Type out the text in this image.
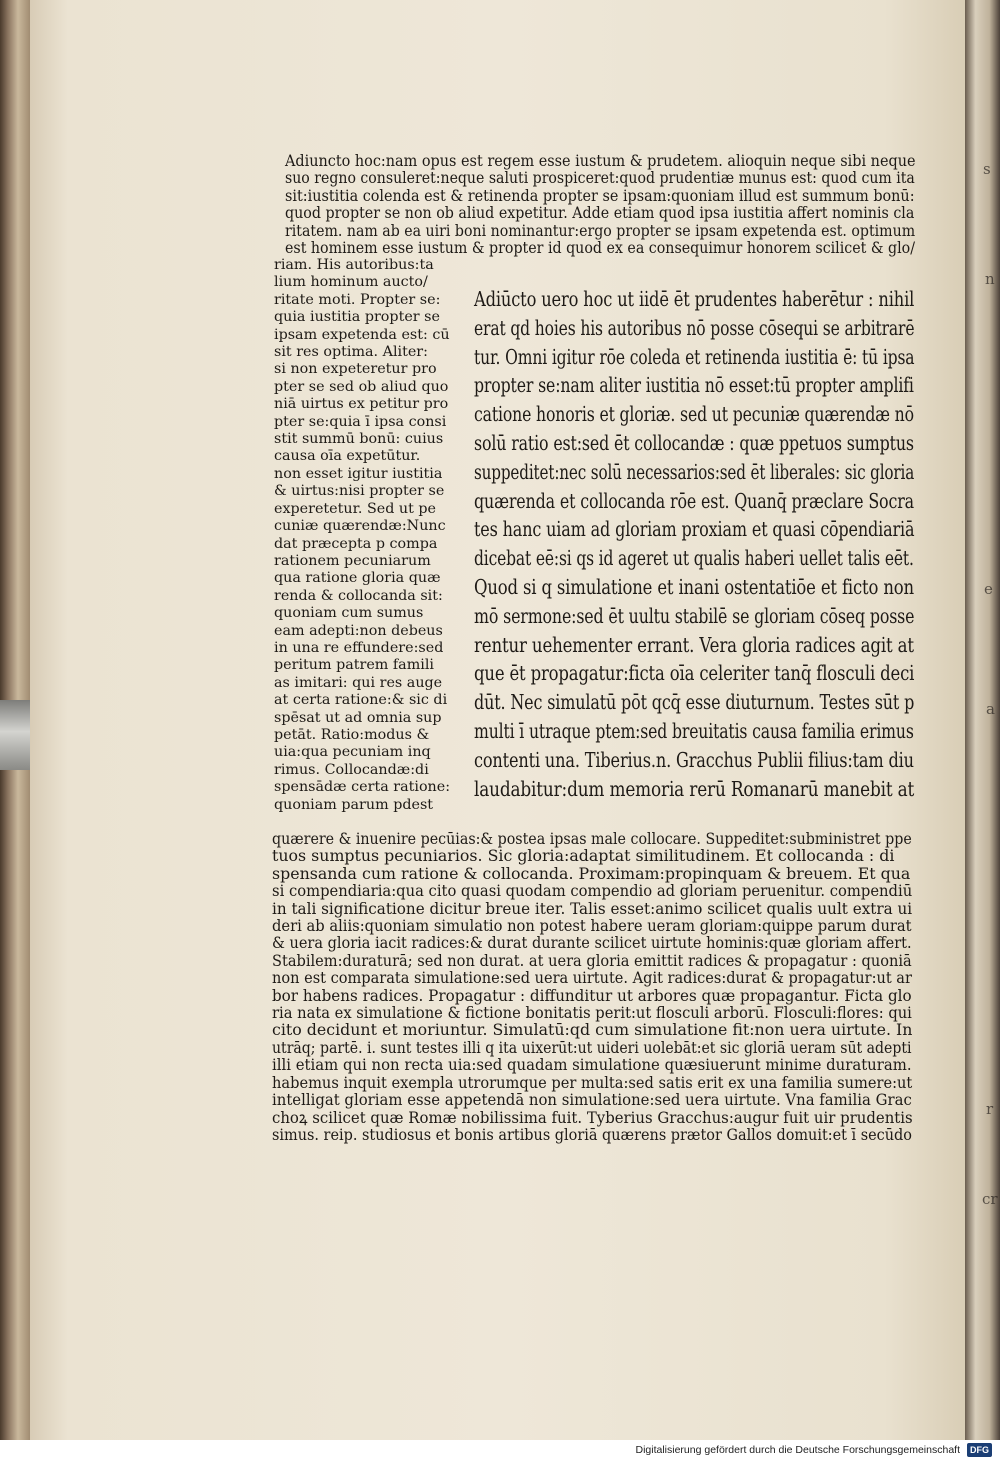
s
n
e
a
r
cr
Adiuncto hoc:nam opus est regem esse iustum & prudetem. alioquin neque sibi neque
suo regno consuleret:neque saluti prospiceret:quod prudentiæ munus est: quod cum ita
sit:iustitia colenda est & retinenda propter se ipsam:quoniam illud est summum bonū:
quod propter se non ob aliud expetitur. Adde etiam quod ipsa iustitia affert nominis cla
ritatem. nam ab ea uiri boni nominantur:ergo propter se ipsam expetenda est. optimum
est hominem esse iustum & propter id quod ex ea consequimur honorem scilicet & glo/
riam. His autoribus:ta
lium hominum aucto/
ritate moti. Propter se:
quia iustitia propter se
ipsam expetenda est: cū
sit res optima. Aliter:
si non expeteretur pro
pter se sed ob aliud quo
niā uirtus ex petitur pro
pter se:quia ī ipsa consi
stit summū bonū: cuius
causa oīa expetūtur.
non esset igitur iustitia
& uirtus:nisi propter se
experetetur. Sed ut pe
cuniæ quærendæ:Nunc
dat præcepta p compa
rationem pecuniarum
qua ratione gloria quæ
renda & collocanda sit:
quoniam cum sumus
eam adepti:non debeus
in una re effundere:sed
peritum patrem famili
as imitari: qui res auge
at certa ratione:& sic di
spēsat ut ad omnia sup
petāt. Ratio:modus &
uia:qua pecuniam inq
rimus. Collocandæ:di
spensādæ certa ratione:
quoniam parum pdest
Adiūcto uero hoc ut iidē ēt prudentes haberētur : nihil
erat qd hoies his autoribus nō posse cōsequi se arbitrarē
tur. Omni igitur rōe coleda et retinenda iustitia ē: tū ipsa
propter se:nam aliter iustitia nō esset:tū propter amplifi
catione honoris et gloriæ. sed ut pecuniæ quærendæ nō
solū ratio est:sed ēt collocandæ : quæ ppetuos sumptus
suppeditet:nec solū necessarios:sed ēt liberales: sic gloria
quærenda et collocanda rōe est. Quanq̄ præclare Socra
tes hanc uiam ad gloriam proxiam et quasi cōpendiariā
dicebat eē:si qs id ageret ut qualis haberi uellet talis eēt.
Quod si q simulatione et inani ostentatiōe et ficto non
mō sermone:sed ēt uultu stabilē se gloriam cōseq posse
rentur uehementer errant. Vera gloria radices agit at
que ēt propagatur:ficta oīa celeriter tanq̄ flosculi deci
dūt. Nec simulatū pōt qcq̄ esse diuturnum. Testes sūt p
multi ī utraque ptem:sed breuitatis causa familia erimus
contenti una. Tiberius.n. Gracchus Publii filius:tam diu
laudabitur:dum memoria rerū Romanarū manebit at
quærere & inuenire pecūias:& postea ipsas male collocare. Suppeditet:subministret ppe
tuos sumptus pecuniarios. Sic gloria:adaptat similitudinem. Et collocanda : di
spensanda cum ratione & collocanda. Proximam:propinquam & breuem. Et qua
si compendiaria:qua cito quasi quodam compendio ad gloriam peruenitur. compendiū
in tali significatione dicitur breue iter. Talis esset:animo scilicet qualis uult extra ui
deri ab aliis:quoniam simulatio non potest habere ueram gloriam:quippe parum durat
& uera gloria iacit radices:& durat durante scilicet uirtute hominis:quæ gloriam affert.
Stabilem:duraturā; sed non durat. at uera gloria emittit radices & propagatur : quoniā
non est comparata simulatione:sed uera uirtute. Agit radices:durat & propagatur:ut ar
bor habens radices. Propagatur : diffunditur ut arbores quæ propagantur. Ficta glo
ria nata ex simulatione & fictione bonitatis perit:ut flosculi arborū. Flosculi:flores: qui
cito decidunt et moriuntur. Simulatū:qd cum simulatione fit:non uera uirtute. In
utrāq; partē. i. sunt testes illi q ita uixerūt:ut uideri uolebāt:et sic gloriā ueram sūt adepti
illi etiam qui non recta uia:sed quadam simulatione quæsiuerunt minime duraturam.
habemus inquit exempla utrorumque per multa:sed satis erit ex una familia sumere:ut
intelligat gloriam esse appetendā non simulatione:sed uera uirtute. Vna familia Grac
choꝝ scilicet quæ Romæ nobilissima fuit. Tyberius Gracchus:augur fuit uir prudentis
simus. reip. studiosus et bonis artibus gloriā quærens prætor Gallos domuit:et ī secūdo
Digitalisierung gefördert durch die Deutsche Forschungsgemeinschaft	DFG
